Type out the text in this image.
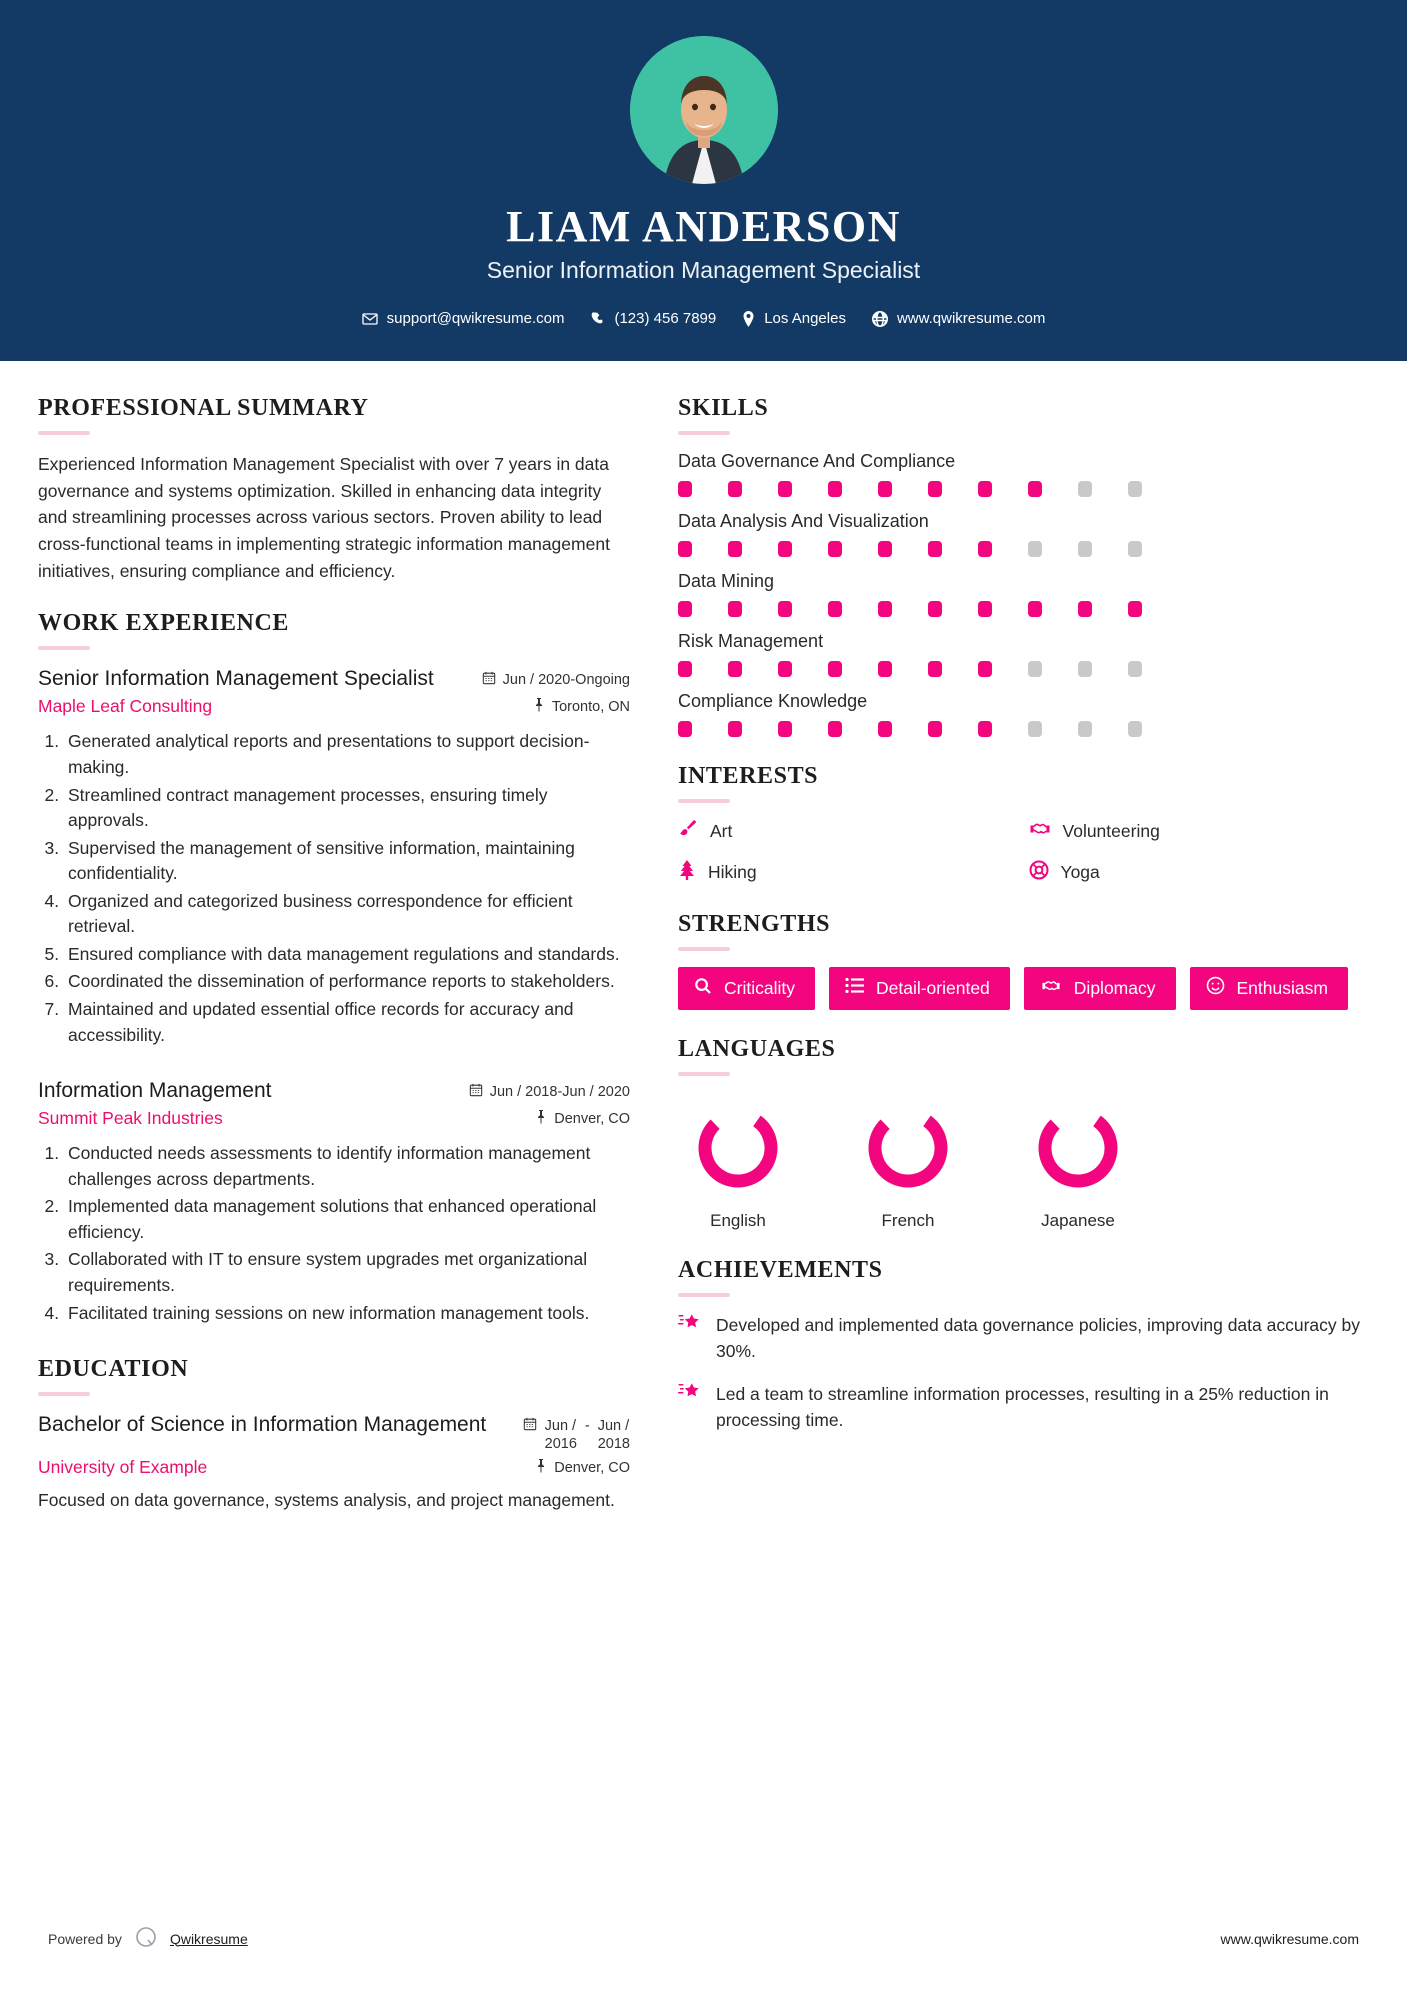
LIAM ANDERSON
Senior Information Management Specialist
support@qwikresume.com	(123) 456 7899	Los Angeles	www.qwikresume.com
PROFESSIONAL SUMMARY
Experienced Information Management Specialist with over 7 years in data governance and systems optimization. Skilled in enhancing data integrity and streamlining processes across various sectors. Proven ability to lead cross-functional teams in implementing strategic information management initiatives, ensuring compliance and efficiency.
WORK EXPERIENCE
Senior Information Management Specialist	Jun / 2020-Ongoing
Maple Leaf Consulting	Toronto, ON
1. Generated analytical reports and presentations to support decision-making.
2. Streamlined contract management processes, ensuring timely approvals.
3. Supervised the management of sensitive information, maintaining confidentiality.
4. Organized and categorized business correspondence for efficient retrieval.
5. Ensured compliance with data management regulations and standards.
6. Coordinated the dissemination of performance reports to stakeholders.
7. Maintained and updated essential office records for accuracy and accessibility.
Information Management	Jun / 2018-Jun / 2020
Summit Peak Industries	Denver, CO
1. Conducted needs assessments to identify information management challenges across departments.
2. Implemented data management solutions that enhanced operational efficiency.
3. Collaborated with IT to ensure system upgrades met organizational requirements.
4. Facilitated training sessions on new information management tools.
EDUCATION
Bachelor of Science in Information Management	Jun /
2016
- Jun /
2018
University of Example	Denver, CO
Focused on data governance, systems analysis, and project management.
SKILLS
Data Governance And Compliance
Data Analysis And Visualization
Data Mining
Risk Management
Compliance Knowledge
INTERESTS
Art	Volunteering
Hiking	Yoga
STRENGTHS
Criticality	Detail-oriented	Diplomacy	Enthusiasm
LANGUAGES
English	French	Japanese
ACHIEVEMENTS
Developed and implemented data governance policies, improving data accuracy by 30%.
Led a team to streamline information processes, resulting in a 25% reduction in processing time.
Powered by	Qwikresume	www.qwikresume.com
